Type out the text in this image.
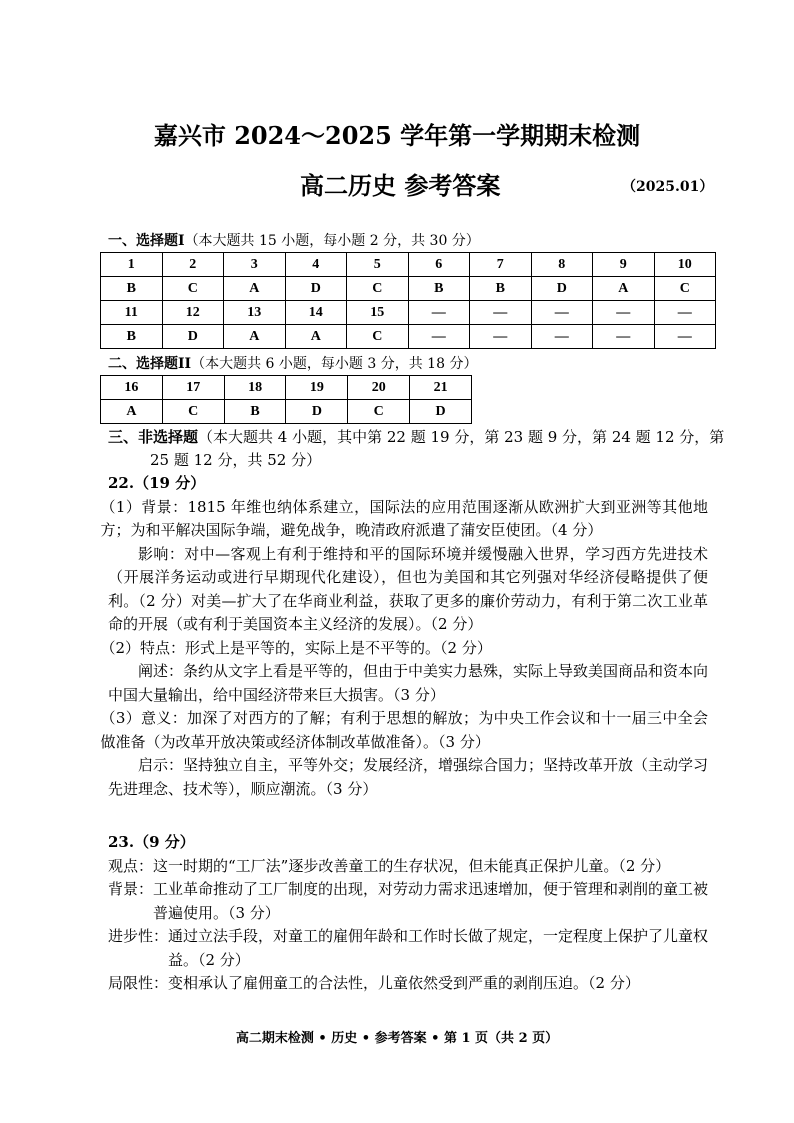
嘉兴市 2024～2025 学年第一学期期末检测
高二历史 参考答案	（2025.01）
一、选择题I（本大题共 15 小题，每小题 2 分，共 30 分）
1	2	3	4	5	6	7	8	9	10
B	C	A	D	C	B	B	D	A	C
11	12	13	14	15	—	—	—	—	—
B	D	A	A	C	—	—	—	—	—
二、选择题II（本大题共 6 小题，每小题 3 分，共 18 分）
16	17	18	19	20	21
A	C	B	D	C	D
三、非选择题（本大题共 4 小题，其中第 22 题 19 分，第 23 题 9 分，第 24 题 12 分，第 25 题 12 分，共 52 分）
22.（19 分）
（1）背景：1815 年维也纳体系建立，国际法的应用范围逐渐从欧洲扩大到亚洲等其他地方；为和平解决国际争端，避免战争，晚清政府派遣了蒲安臣使团。（4 分）
影响：对中—客观上有利于维持和平的国际环境并缓慢融入世界，学习西方先进技术（开展洋务运动或进行早期现代化建设），但也为美国和其它列强对华经济侵略提供了便利。（2 分）对美—扩大了在华商业利益，获取了更多的廉价劳动力，有利于第二次工业革命的开展（或有利于美国资本主义经济的发展）。（2 分）
（2）特点：形式上是平等的，实际上是不平等的。（2 分）
阐述：条约从文字上看是平等的，但由于中美实力悬殊，实际上导致美国商品和资本向中国大量输出，给中国经济带来巨大损害。（3 分）
（3）意义：加深了对西方的了解；有利于思想的解放；为中央工作会议和十一届三中全会做准备（为改革开放决策或经济体制改革做准备）。（3 分）
启示：坚持独立自主，平等外交；发展经济，增强综合国力；坚持改革开放（主动学习先进理念、技术等），顺应潮流。（3 分）
23.（9 分）
观点：这一时期的“工厂法”逐步改善童工的生存状况，但未能真正保护儿童。（2 分）
背景：工业革命推动了工厂制度的出现，对劳动力需求迅速增加，便于管理和剥削的童工被普遍使用。（3 分）
进步性：通过立法手段，对童工的雇佣年龄和工作时长做了规定，一定程度上保护了儿童权益。（2 分）
局限性：变相承认了雇佣童工的合法性，儿童依然受到严重的剥削压迫。（2 分）
高二期末检测 • 历史 • 参考答案 • 第 1 页（共 2 页）
